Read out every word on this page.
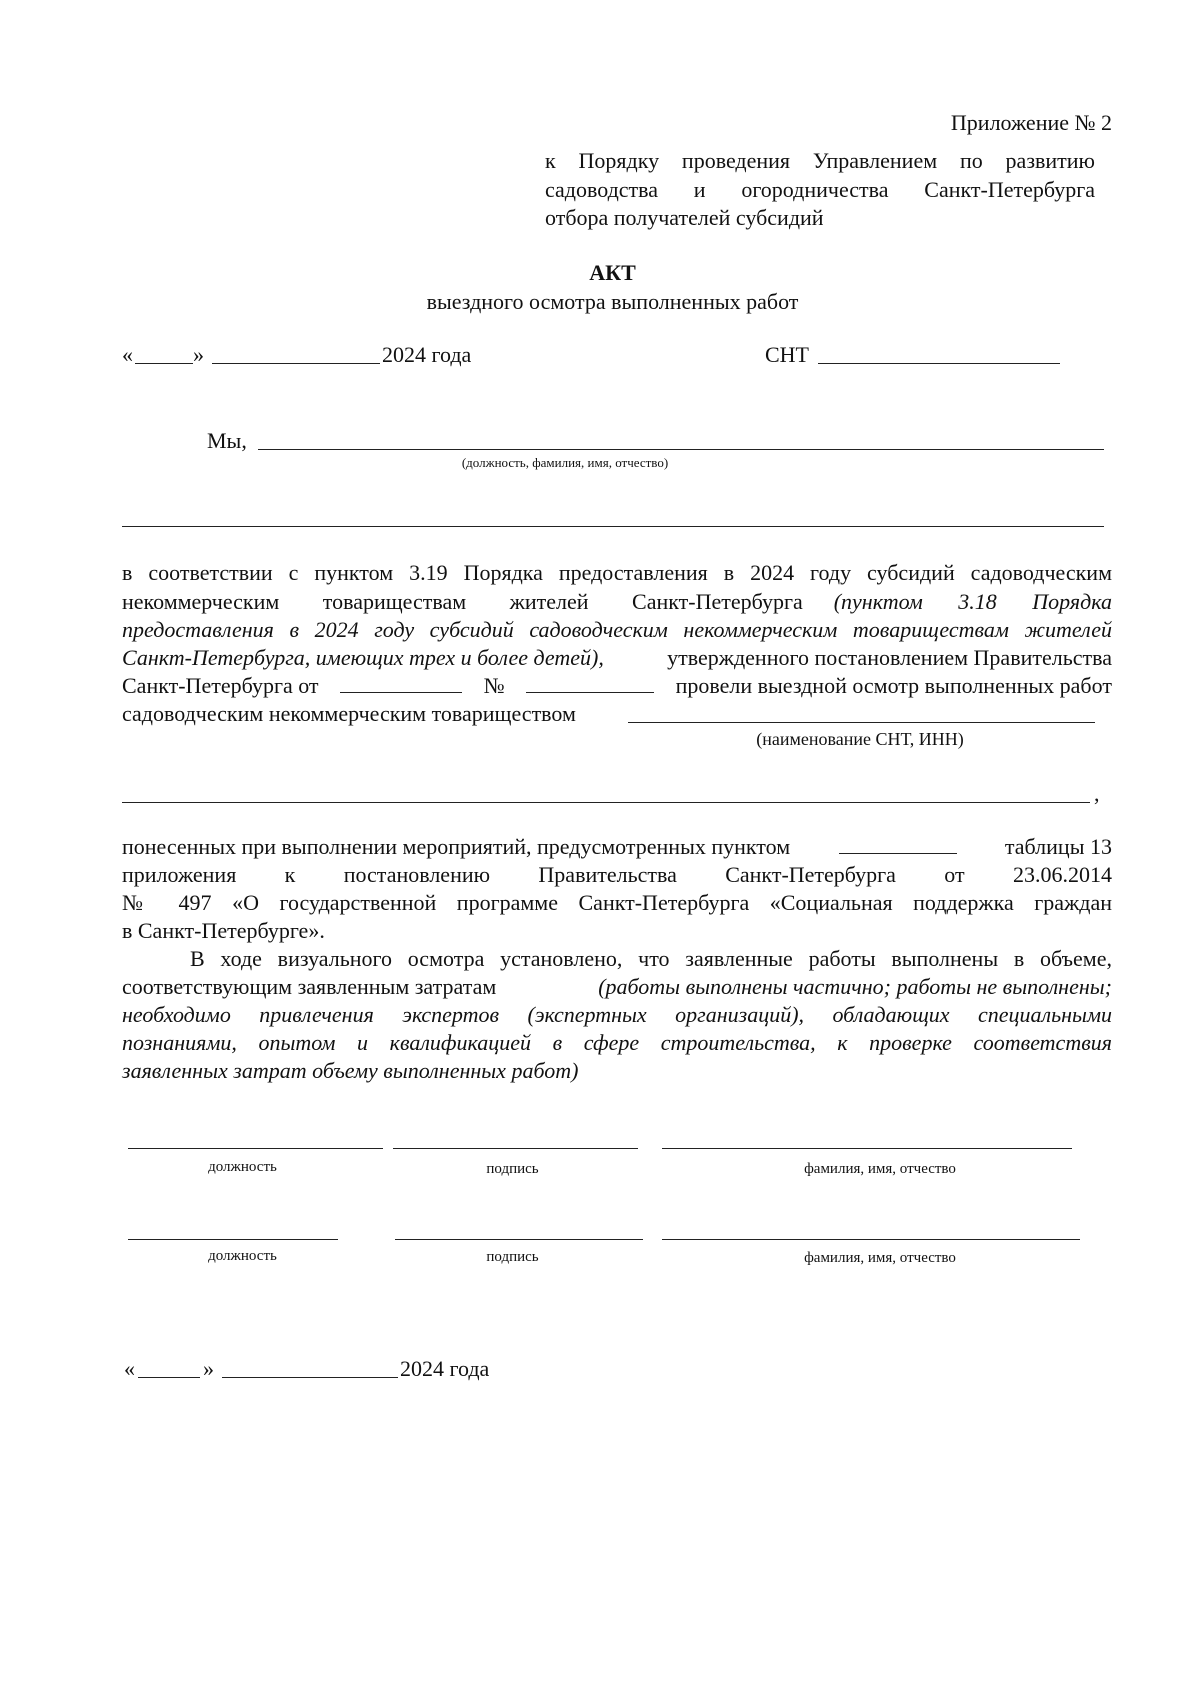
Приложение № 2
к Порядку проведения Управлением по развитию
садоводства и огородничества Санкт-Петербурга
отбора получателей субсидий
АКТ
выездного осмотра выполненных работ
«	»	2024 года	СНТ
Мы,
(должность, фамилия, имя, отчество)
в соответствии с пунктом 3.19 Порядка предоставления в 2024 году субсидий садоводческим
некоммерческим товариществам жителей Санкт-Петербурга (пунктом 3.18 Порядка
предоставления в 2024 году субсидий садоводческим некоммерческим товариществам жителей
Санкт-Петербурга, имеющих трех и более детей),	утвержденного постановлением Правительства
Санкт-Петербурга от	№	провели выездной осмотр выполненных работ
садоводческим некоммерческим товариществом
(наименование СНТ, ИНН)
,
понесенных при выполнении мероприятий, предусмотренных пунктом	таблицы 13
приложения к постановлению Правительства Санкт-Петербурга от 23.06.2014
№ 497 «О государственной программе Санкт-Петербурга «Социальная поддержка граждан
в Санкт-Петербурге».
В ходе визуального осмотра установлено, что заявленные работы выполнены в объеме,
соответствующим заявленным затратам	(работы выполнены частично; работы не выполнены;
необходимо привлечения экспертов (экспертных организаций), обладающих специальными
познаниями, опытом и квалификацией в сфере строительства, к проверке соответствия
заявленных затрат объему выполненных работ)
должность	подпись	фамилия, имя, отчество
должность	подпись	фамилия, имя, отчество
«	»	2024 года
